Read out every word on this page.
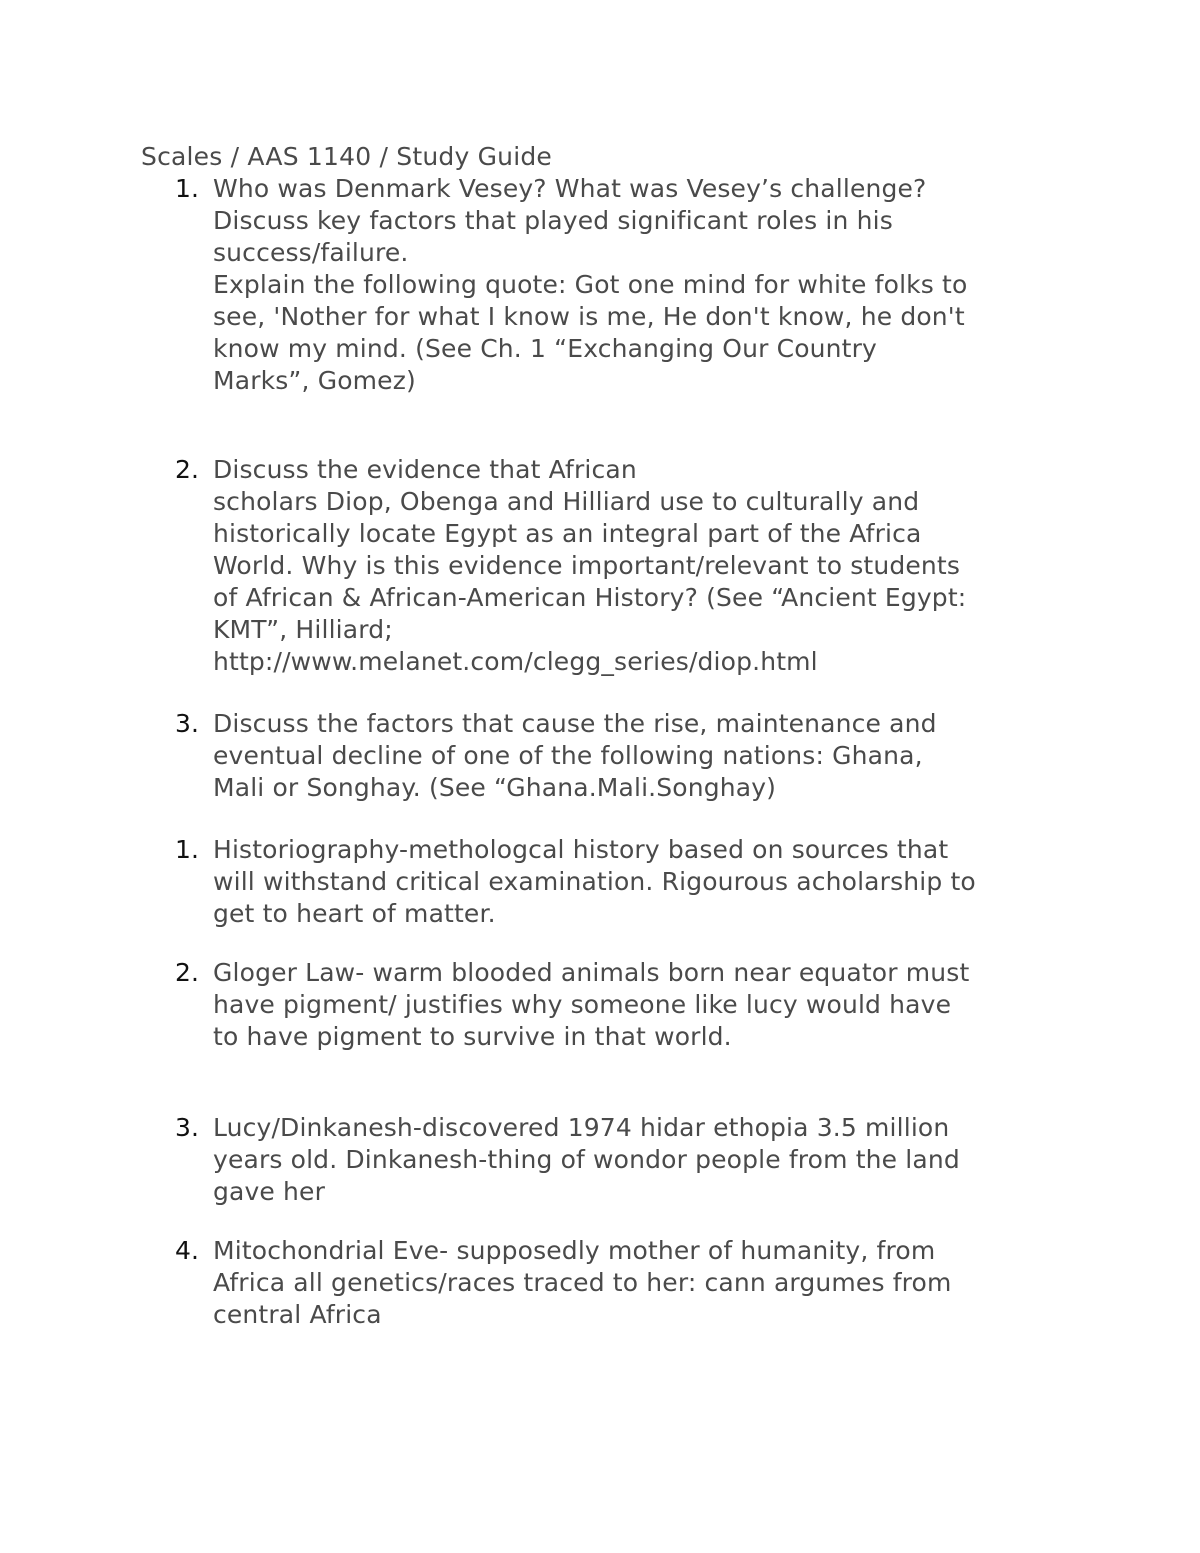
Scales / AAS 1140 / Study Guide
1. Who was Denmark Vesey? What was Vesey’s challenge?

Discuss key factors that played significant roles in his

success/failure.

Explain the following quote: Got one mind for white folks to

see, 'Nother for what I know is me, He don't know, he don't

know my mind. (See Ch. 1 “Exchanging Our Country

Marks”, Gomez)

2. Discuss the evidence that African

scholars Diop, Obenga and Hilliard use to culturally and

historically locate Egypt as an integral part of the Africa

World. Why is this evidence important/relevant to students

of African & African-American History? (See “Ancient Egypt:

KMT”, Hilliard;

http://www.melanet.com/clegg_series/diop.html

3. Discuss the factors that cause the rise, maintenance and

eventual decline of one of the following nations: Ghana,

Mali or Songhay. (See “Ghana.Mali.Songhay)

1. Historiography-methologcal history based on sources that

will withstand critical examination. Rigourous acholarship to

get to heart of matter.

2. Gloger Law- warm blooded animals born near equator must

have pigment/ justifies why someone like lucy would have

to have pigment to survive in that world.

3. Lucy/Dinkanesh-discovered 1974 hidar ethopia 3.5 million

years old. Dinkanesh-thing of wondor people from the land

gave her

4. Mitochondrial Eve- supposedly mother of humanity, from

Africa all genetics/races traced to her: cann argumes from

central Africa
